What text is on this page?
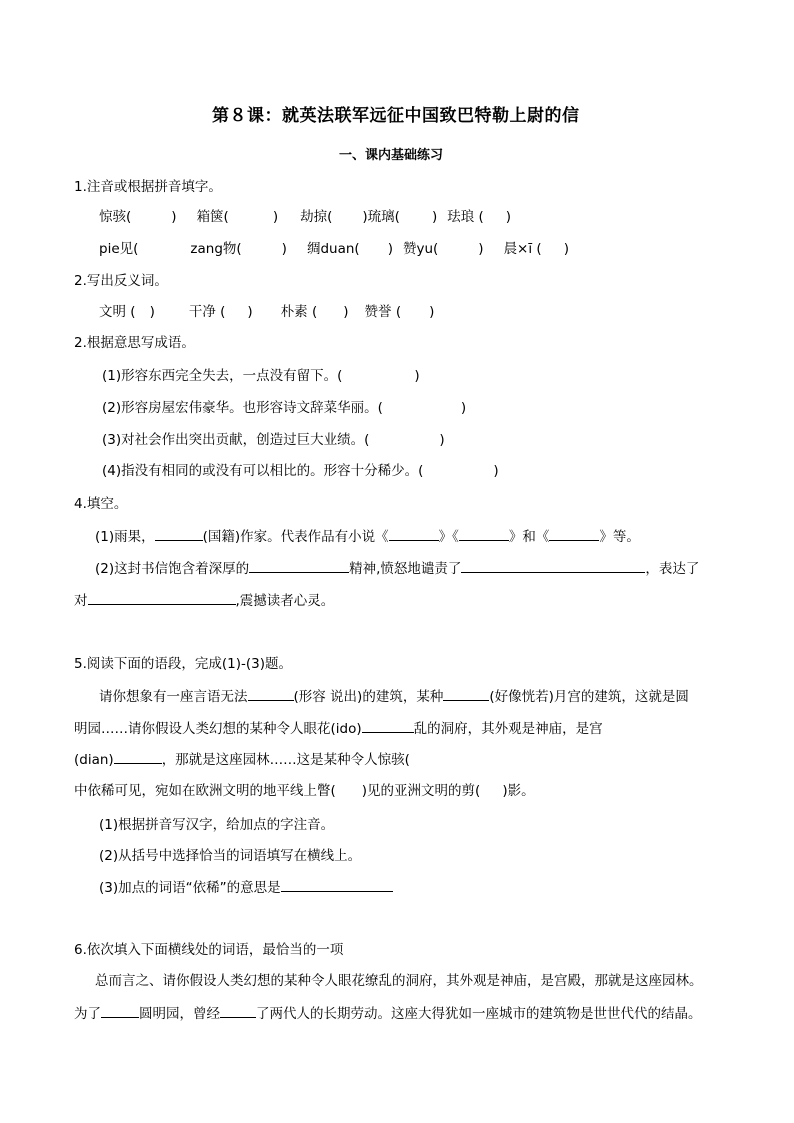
第８课：就英法联军远征中国致巴特勒上尉的信
一、课内基础练习
1.注音或根据拼音填字。
惊骇(	) 箱箧(	) 劫掠( )琉璃( ) 珐琅 ( )
pie见(	zang物(	) 绸duan( ) 赞yu(	) 晨×ī ( )
2.写出反义词。
文明 ( )	干净 ( ) 朴素 ( ) 赞誉 ( )
2.根据意思写成语。
(1)形容东西完全失去，一点没有留下。(	)
(2)形容房屋宏伟豪华。也形容诗文辞菜华丽。(	)
(3)对社会作出突出贡献，创造过巨大业绩。(	)
(4)指没有相同的或没有可以相比的。形容十分稀少。(	)
4.填空。
(1)雨果，	(国籍)作家。代表作品有小说《	》《	》和《	》等。
(2)这封书信饱含着深厚的	精神,愤怒地谴责了	，表达了
对	,震撼读者心灵。
5.阅读下面的语段，完成(1)-(3)题。
请你想象有一座言语无法	(形容 说出)的建筑，某种	(好像恍若)月宫的建筑，这就是圆
明园……请你假设人类幻想的某种令人眼花(ido)	乱的洞府，其外观是神庙，是宫
(dian)	，那就是这座园林……这是某种令人惊骇(
中依稀可见，宛如在欧洲文明的地平线上瞥( )见的亚洲文明的剪( )影。
(1)根据拼音写汉字，给加点的字注音。
(2)从括号中选择恰当的词语填写在横线上。
(3)加点的词语“依稀”的意思是
6.依次填入下面横线处的词语，最恰当的一项
总而言之、请你假设人类幻想的某种令人眼花缭乱的洞府，其外观是神庙，是宫殿，那就是这座园林。
为了	圆明园，曾经	了两代人的长期劳动。这座大得犹如一座城市的建筑物是世世代代的结晶。
